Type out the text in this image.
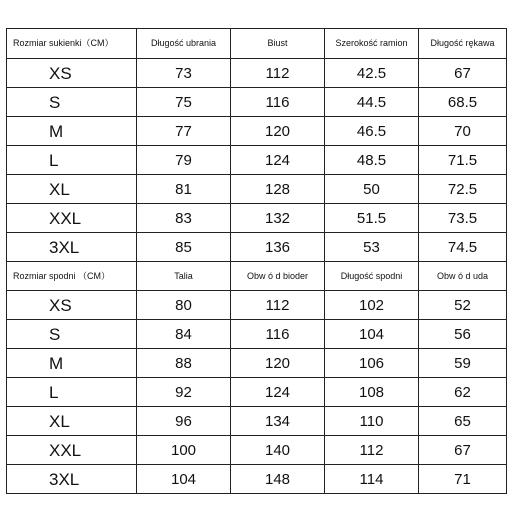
Rozmiar sukienki（CM）	Długość ubrania	Biust	Szerokość ramion	Długość rękawa
XS	73	112	42.5	67
S	75	116	44.5	68.5
M	77	120	46.5	70
L	79	124	48.5	71.5
XL	81	128	50	72.5
XXL	83	132	51.5	73.5
3XL	85	136	53	74.5
Rozmiar spodni （CM）	Talia	Obw ó d bioder	Długość spodni	Obw ó d uda
XS	80	112	102	52
S	84	116	104	56
M	88	120	106	59
L	92	124	108	62
XL	96	134	110	65
XXL	100	140	112	67
3XL	104	148	114	71
